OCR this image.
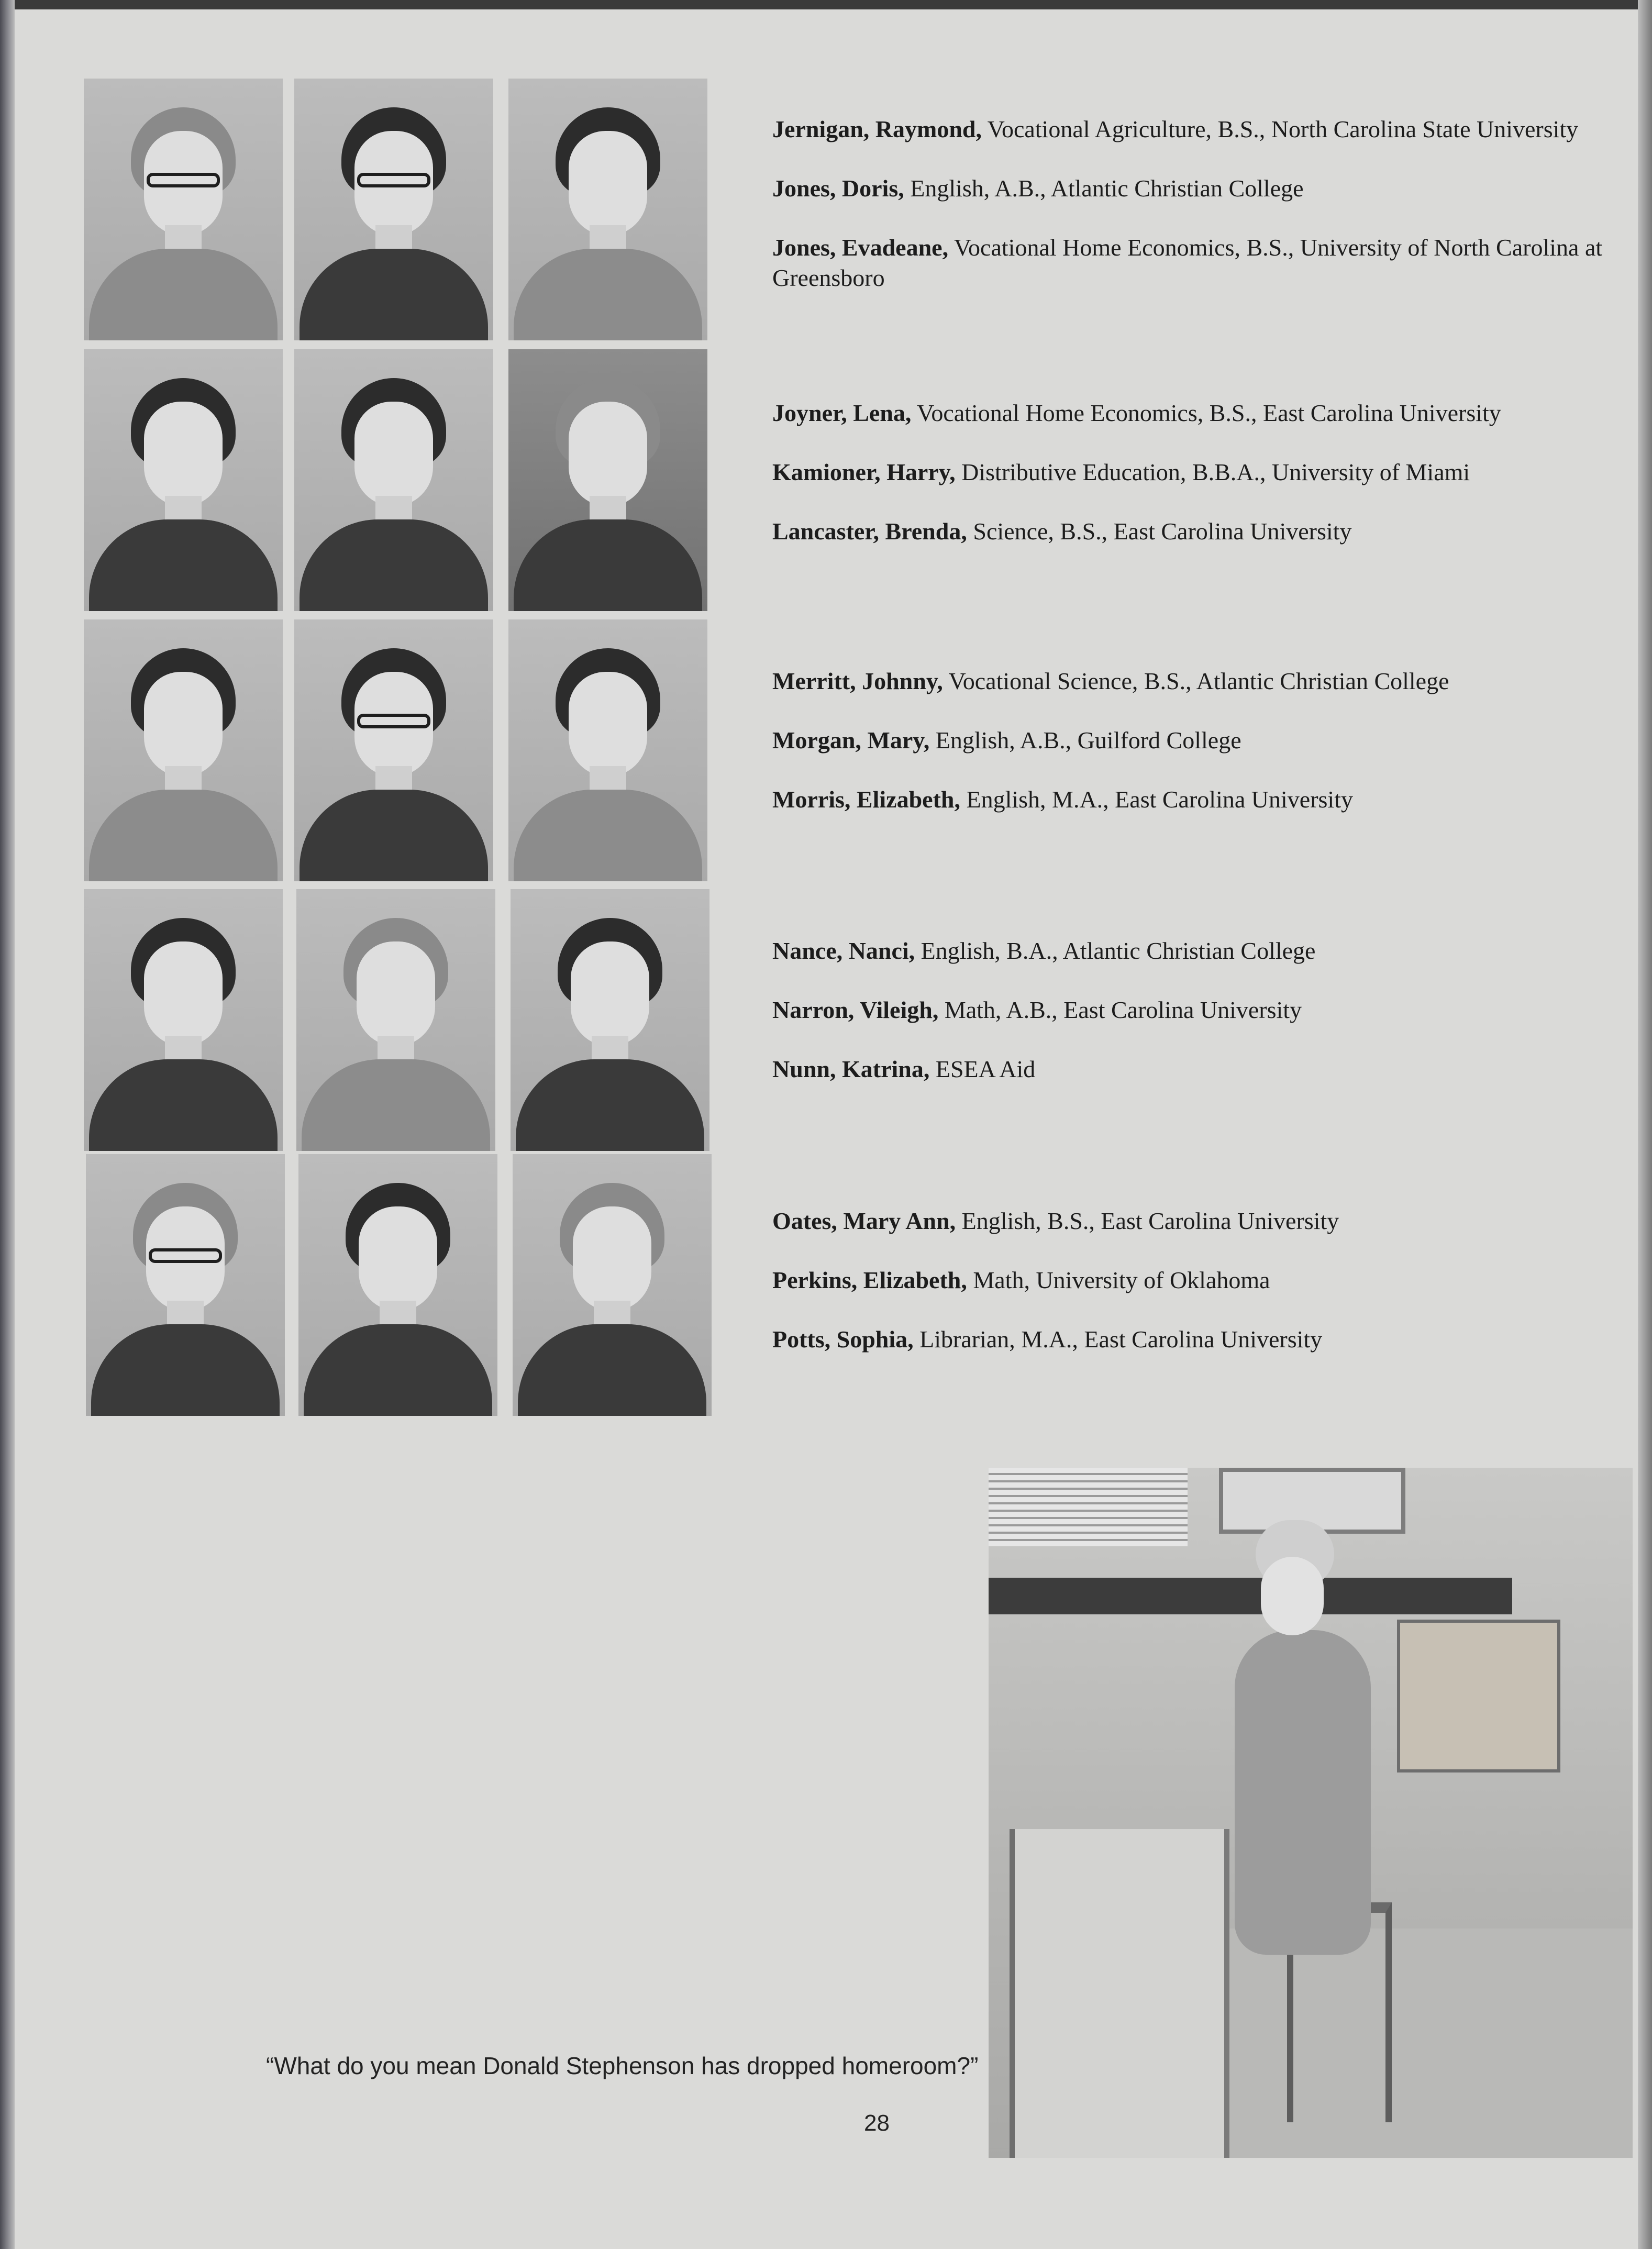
Jernigan, Raymond, Vocational Agriculture, B.S., North Carolina State University
Jones, Doris, English, A.B., Atlantic Christian College
Jones, Evadeane, Vocational Home Economics, B.S., University of North Carolina at Greensboro
Joyner, Lena, Vocational Home Economics, B.S., East Carolina University
Kamioner, Harry, Distributive Education, B.B.A., University of Miami
Lancaster, Brenda, Science, B.S., East Carolina University
Merritt, Johnny, Vocational Science, B.S., Atlantic Christian College
Morgan, Mary, English, A.B., Guilford College
Morris, Elizabeth, English, M.A., East Carolina University
Nance, Nanci, English, B.A., Atlantic Christian College
Narron, Vileigh, Math, A.B., East Carolina University
Nunn, Katrina, ESEA Aid
Oates, Mary Ann, English, B.S., East Carolina University
Perkins, Elizabeth, Math, University of Oklahoma
Potts, Sophia, Librarian, M.A., East Carolina University
“What do you mean Donald Stephenson has dropped homeroom?”
28
